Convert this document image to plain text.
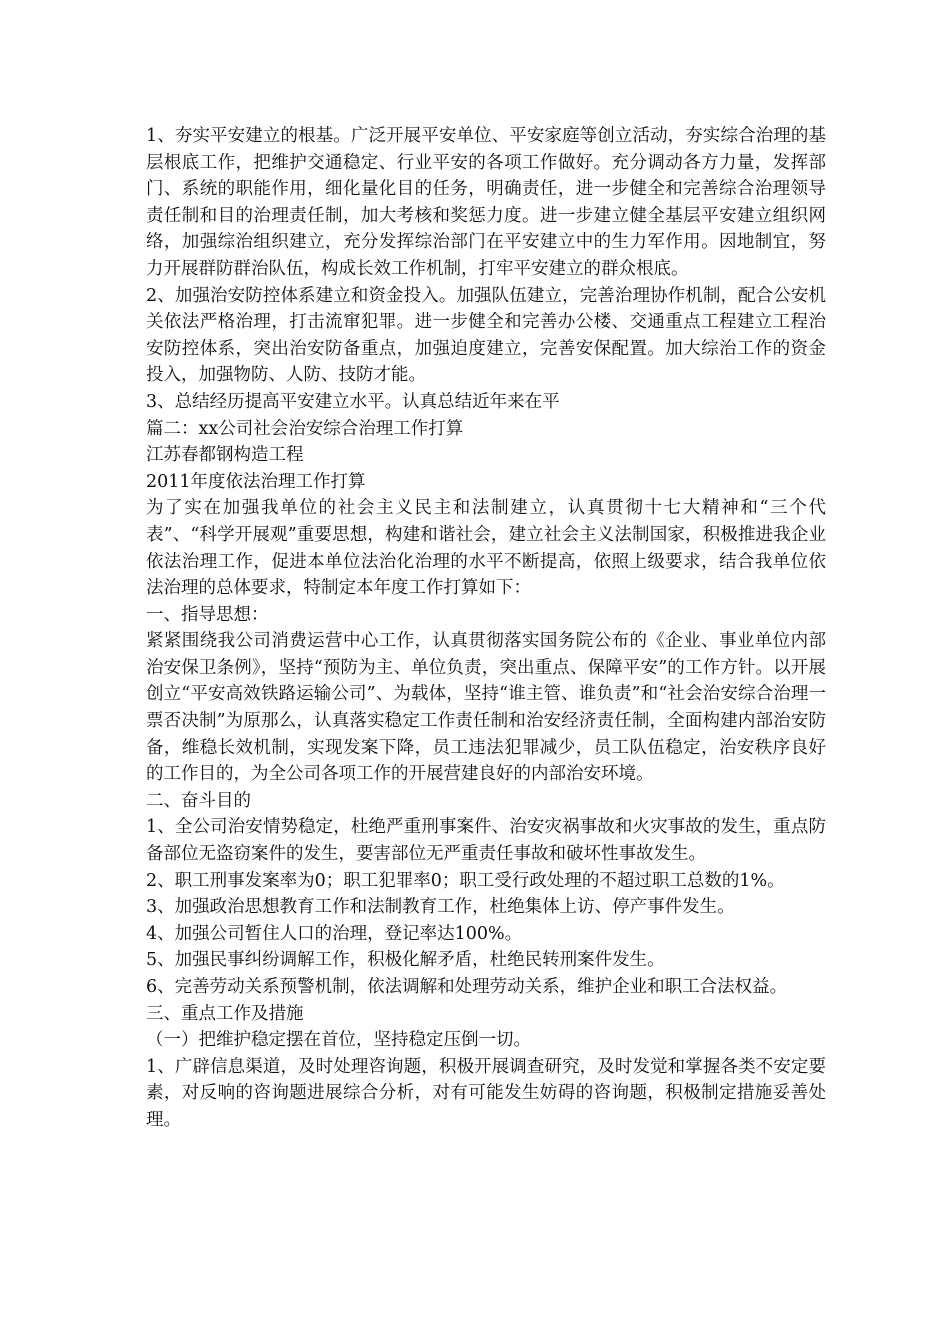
1、夯实平安建立的根基。广泛开展平安单位、平安家庭等创立活动，夯实综合治理的基层根底工作，把维护交通稳定、行业平安的各项工作做好。充分调动各方力量，发挥部门、系统的职能作用，细化量化目的任务，明确责任，进一步健全和完善综合治理领导责任制和目的治理责任制，加大考核和奖惩力度。进一步建立健全基层平安建立组织网络，加强综治组织建立，充分发挥综治部门在平安建立中的生力军作用。因地制宜，努力开展群防群治队伍，构成长效工作机制，打牢平安建立的群众根底。

2、加强治安防控体系建立和资金投入。加强队伍建立，完善治理协作机制，配合公安机关依法严格治理，打击流窜犯罪。进一步健全和完善办公楼、交通重点工程建立工程治安防控体系，突出治安防备重点，加强迫度建立，完善安保配置。加大综治工作的资金投入，加强物防、人防、技防才能。

3、总结经历提高平安建立水平。认真总结近年来在平

篇二：xx公司社会治安综合治理工作打算

江苏春都钢构造工程

2011年度依法治理工作打算

为了实在加强我单位的社会主义民主和法制建立，认真贯彻十七大精神和“三个代表”、“科学开展观”重要思想，构建和谐社会，建立社会主义法制国家，积极推进我企业依法治理工作，促进本单位法治化治理的水平不断提高，依照上级要求，结合我单位依法治理的总体要求，特制定本年度工作打算如下：

一、指导思想：

紧紧围绕我公司消费运营中心工作，认真贯彻落实国务院公布的《企业、事业单位内部治安保卫条例》，坚持“预防为主、单位负责，突出重点、保障平安”的工作方针。以开展创立“平安高效铁路运输公司”、为载体，坚持“谁主管、谁负责”和“社会治安综合治理一票否决制”为原那么，认真落实稳定工作责任制和治安经济责任制，全面构建内部治安防备，维稳长效机制，实现发案下降，员工违法犯罪减少，员工队伍稳定，治安秩序良好的工作目的，为全公司各项工作的开展营建良好的内部治安环境。

二、奋斗目的

1、全公司治安情势稳定，杜绝严重刑事案件、治安灾祸事故和火灾事故的发生，重点防备部位无盗窃案件的发生，要害部位无严重责任事故和破坏性事故发生。

2、职工刑事发案率为0；职工犯罪率0；职工受行政处理的不超过职工总数的1%。

3、加强政治思想教育工作和法制教育工作，杜绝集体上访、停产事件发生。

4、加强公司暂住人口的治理，登记率达100%。

5、加强民事纠纷调解工作，积极化解矛盾，杜绝民转刑案件发生。

6、完善劳动关系预警机制，依法调解和处理劳动关系，维护企业和职工合法权益。

三、重点工作及措施

（一）把维护稳定摆在首位，坚持稳定压倒一切。

1、广辟信息渠道，及时处理咨询题，积极开展调查研究，及时发觉和掌握各类不安定要素，对反响的咨询题进展综合分析，对有可能发生妨碍的咨询题，积极制定措施妥善处理。
